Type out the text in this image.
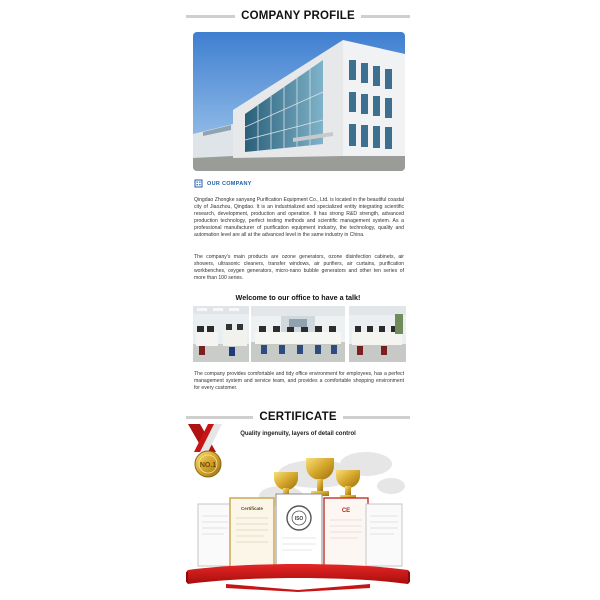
COMPANY PROFILE
OUR COMPANY

Qingdao Zhongke sanyang Purification Equipment Co., Ltd. is located in the beautiful coastal city of Jiaozhou, Qingdao. It is an industrialized and specialized entity integrating scientific research, development, production and operation. It has strong R&D strength, advanced production technology, perfect testing methods and scientific management system. As a professional manufacturer of purification equipment industry, the technology, quality and automation level are all at the advanced level in the same industry in China.

The company's main products are ozone generators, ozone disinfection cabinets, air showers, ultrasonic cleaners, transfer windows, air purifiers, air curtains, purification workbenches, oxygen generators, micro-nano bubble generators and other ten series of more than 100 series.

Welcome to our office to have a talk!

The company provides comfortable and tidy office environment for employees, has a perfect management system and service team, and provides a comfortable shopping environment for every customer.

CERTIFICATE
NO.1
Certificate
ISO
CE
Quality ingenuity, layers of detail control
